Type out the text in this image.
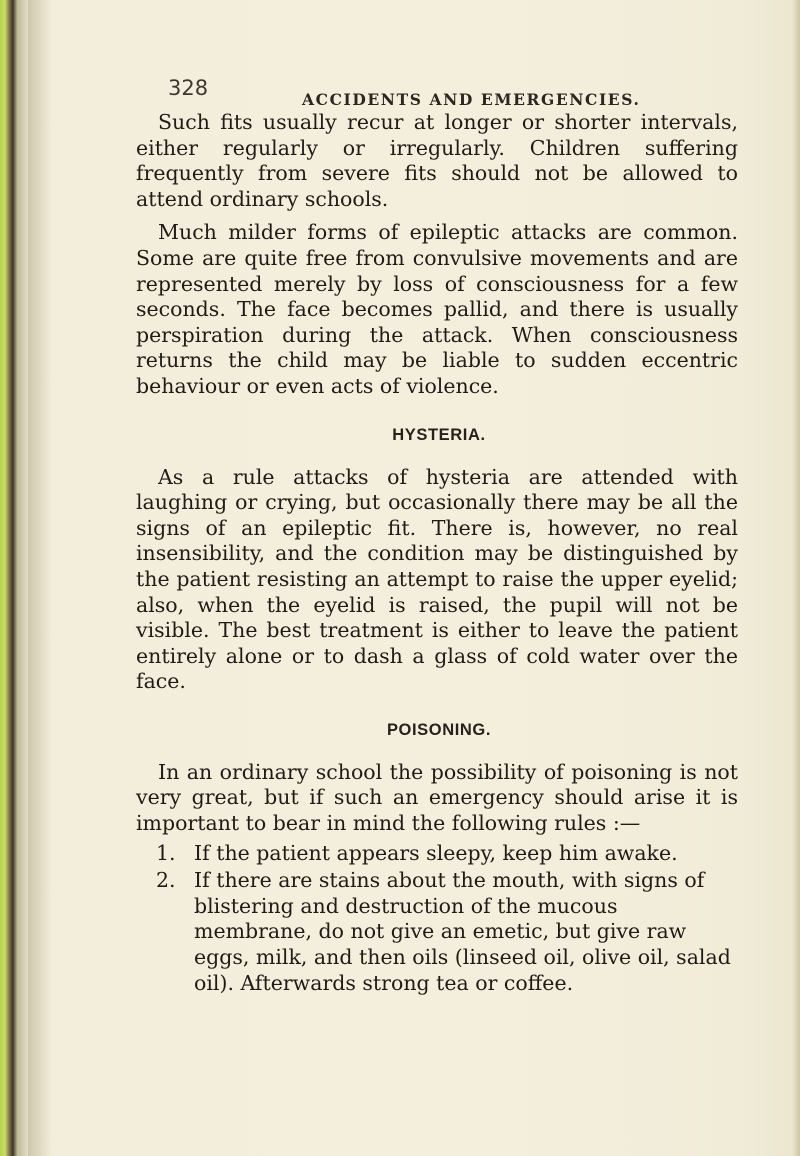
328	ACCIDENTS AND EMERGENCIES.

Such fits usually recur at longer or shorter intervals, either regularly or irregularly. Children suffering frequently from severe fits should not be allowed to attend ordinary schools.

Much milder forms of epileptic attacks are common. Some are quite free from convulsive movements and are represented merely by loss of consciousness for a few seconds. The face becomes pallid, and there is usually perspiration during the attack. When consciousness returns the child may be liable to sudden eccentric behaviour or even acts of violence.

HYSTERIA.

As a rule attacks of hysteria are attended with laughing or crying, but occasionally there may be all the signs of an epileptic fit. There is, however, no real insensibility, and the condition may be distinguished by the patient resisting an attempt to raise the upper eyelid; also, when the eyelid is raised, the pupil will not be visible. The best treatment is either to leave the patient entirely alone or to dash a glass of cold water over the face.

POISONING.

In an ordinary school the possibility of poisoning is not very great, but if such an emergency should arise it is important to bear in mind the following rules :—

1. If the patient appears sleepy, keep him awake.
2. If there are stains about the mouth, with signs of blistering and destruction of the mucous membrane, do not give an emetic, but give raw eggs, milk, and then oils (linseed oil, olive oil, salad oil). Afterwards strong tea or coffee.
